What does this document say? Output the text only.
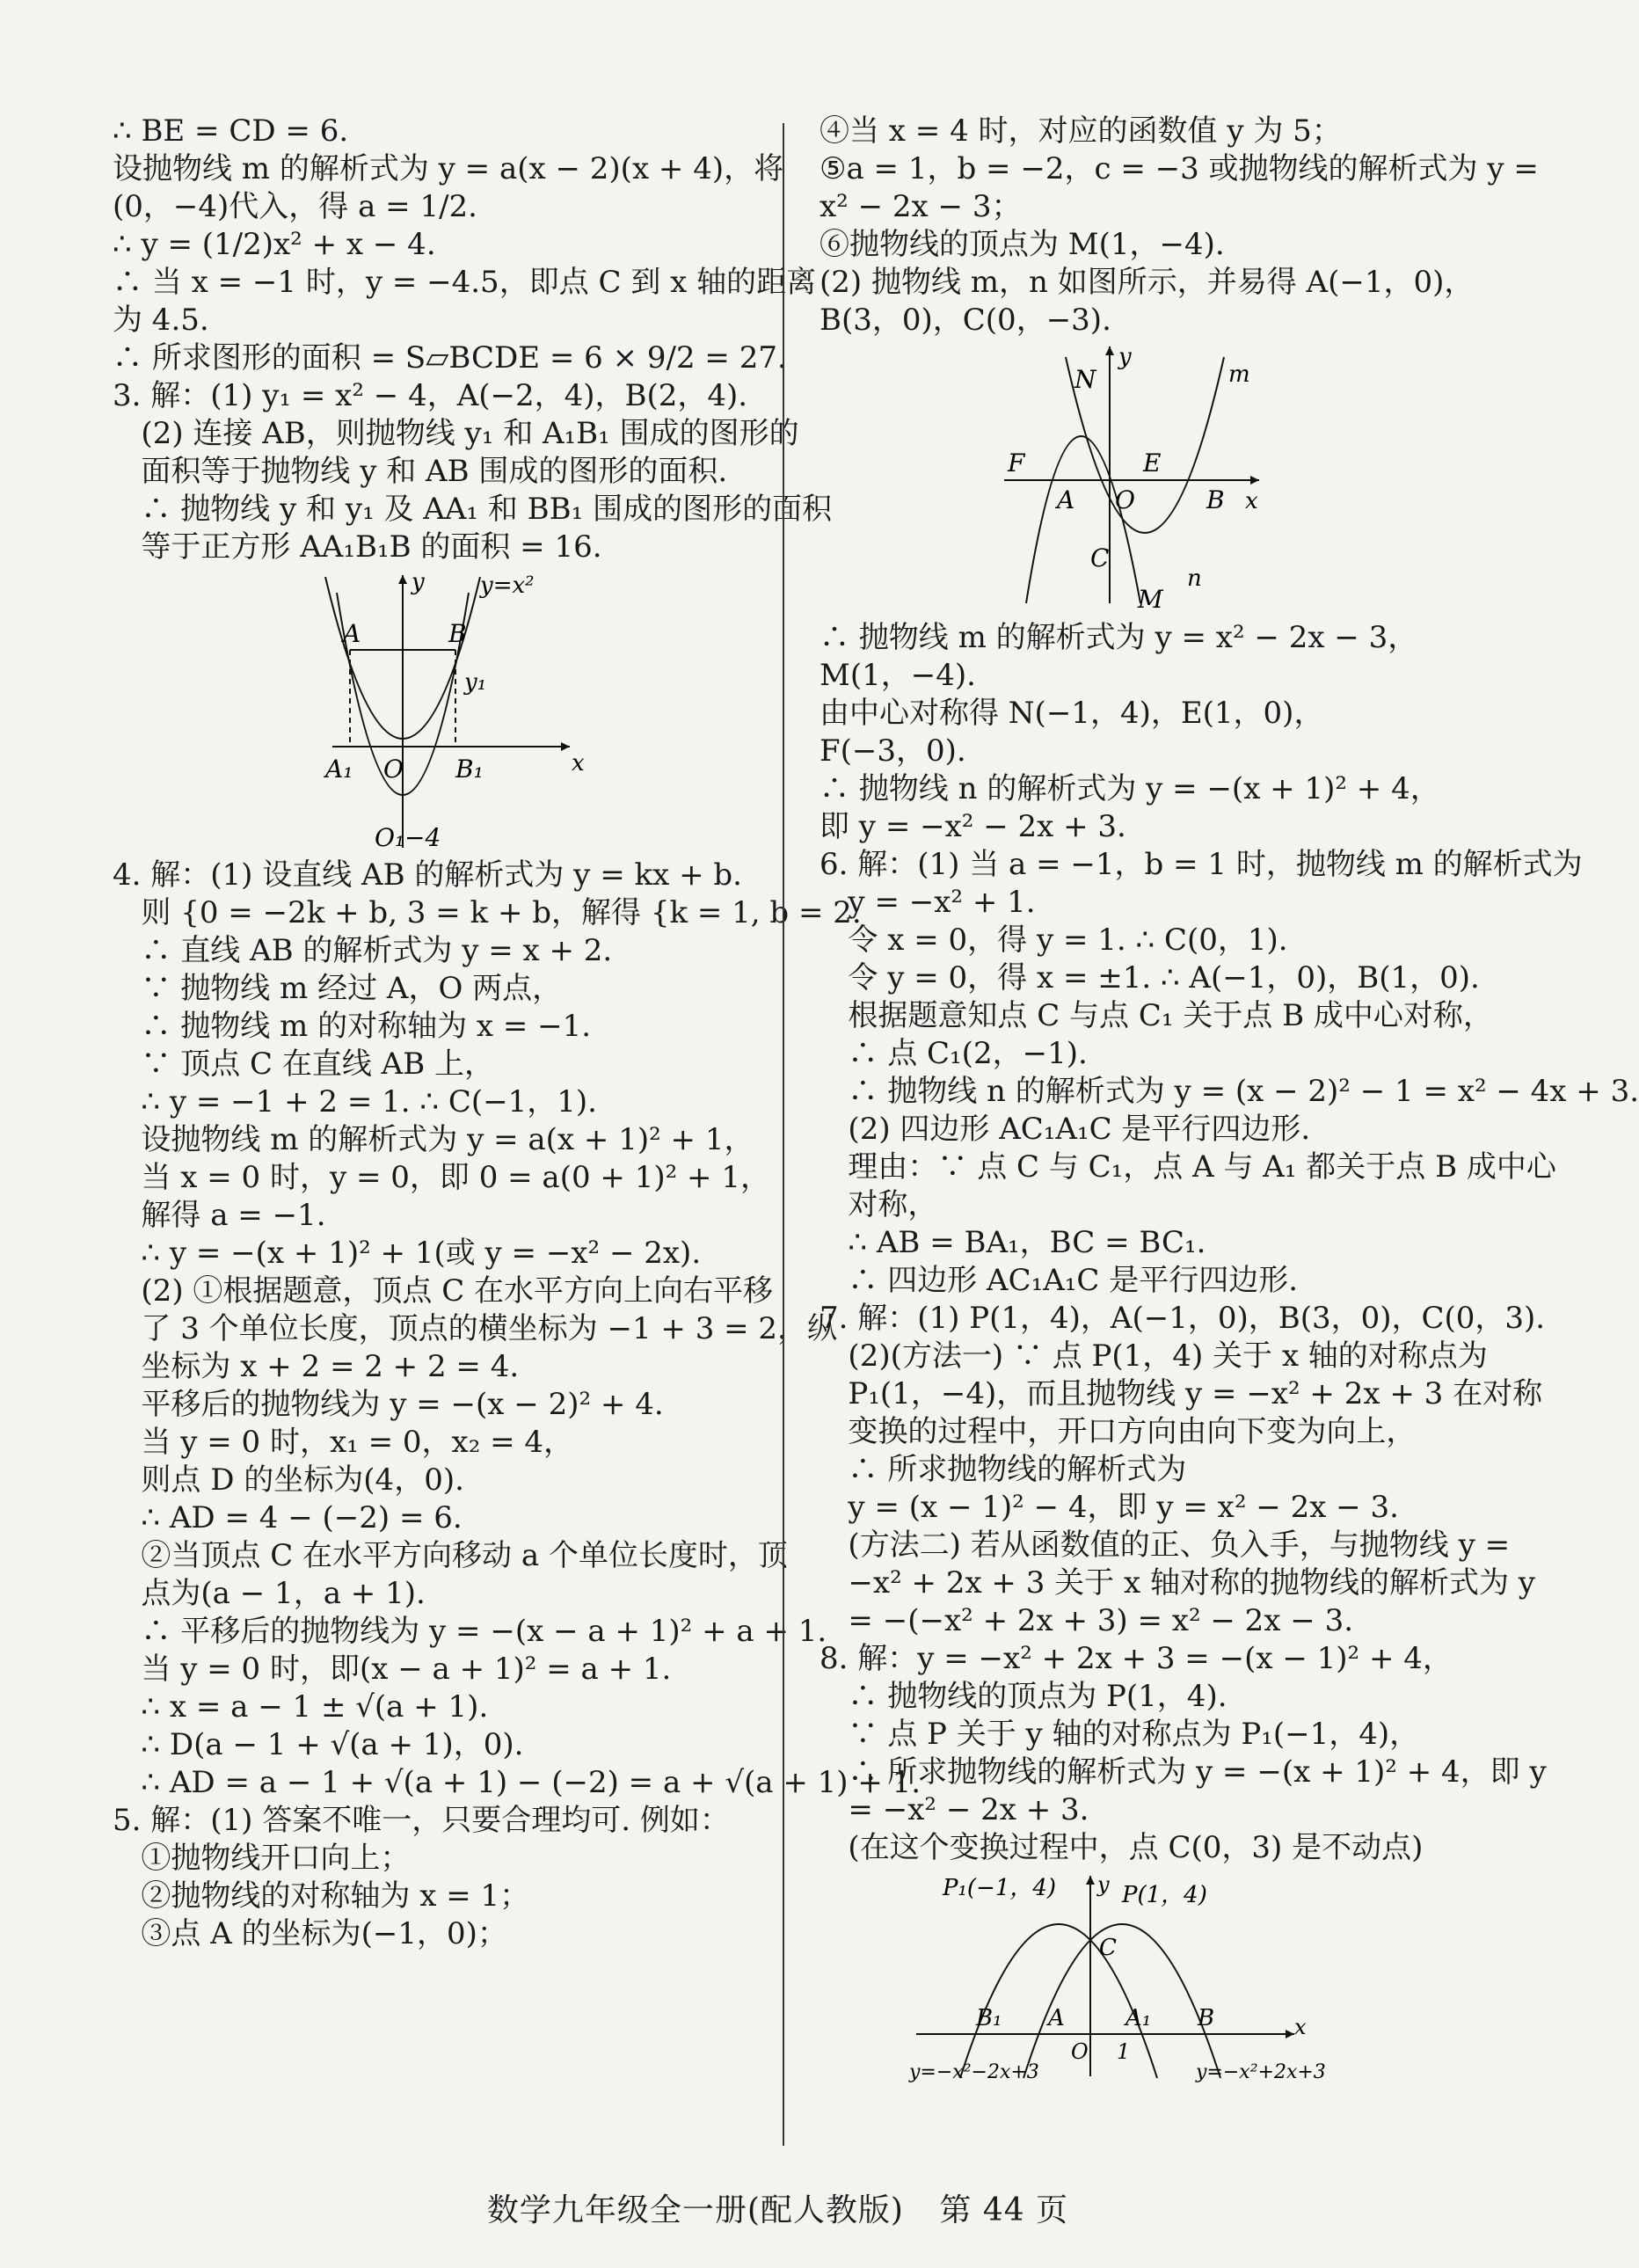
∴ BE = CD = 6.
设抛物线 m 的解析式为 y = a(x − 2)(x + 4)，将
(0，−4)代入，得 a = 1/2.
∴ y = (1/2)x² + x − 4.
∴ 当 x = −1 时，y = −4.5，即点 C 到 x 轴的距离
为 4.5.
∴ 所求图形的面积 = S▱BCDE = 6 × 9/2 = 27.
3. 解：(1) y₁ = x² − 4，A(−2，4)，B(2，4).
(2) 连接 AB，则抛物线 y₁ 和 A₁B₁ 围成的图形的
面积等于抛物线 y 和 AB 围成的图形的面积.
∴ 抛物线 y 和 y₁ 及 AA₁ 和 BB₁ 围成的图形的面积
等于正方形 AA₁B₁B 的面积 = 16.
y=x²
y
x
A	B
y₁
A₁ O B₁
O₁ −4
4. 解：(1) 设直线 AB 的解析式为 y = kx + b.
则 {0 = −2k + b, 3 = k + b，解得 {k = 1, b = 2.
∴ 直线 AB 的解析式为 y = x + 2.
∵ 抛物线 m 经过 A，O 两点，
∴ 抛物线 m 的对称轴为 x = −1.
∵ 顶点 C 在直线 AB 上，
∴ y = −1 + 2 = 1. ∴ C(−1，1).
设抛物线 m 的解析式为 y = a(x + 1)² + 1，
当 x = 0 时，y = 0，即 0 = a(0 + 1)² + 1，
解得 a = −1.
∴ y = −(x + 1)² + 1(或 y = −x² − 2x).
(2) ①根据题意，顶点 C 在水平方向上向右平移
了 3 个单位长度，顶点的横坐标为 −1 + 3 = 2，纵
坐标为 x + 2 = 2 + 2 = 4.
平移后的抛物线为 y = −(x − 2)² + 4.
当 y = 0 时，x₁ = 0，x₂ = 4，
则点 D 的坐标为(4，0).
∴ AD = 4 − (−2) = 6.
②当顶点 C 在水平方向移动 a 个单位长度时，顶
点为(a − 1，a + 1).
∴ 平移后的抛物线为 y = −(x − a + 1)² + a + 1.
当 y = 0 时，即(x − a + 1)² = a + 1.
∴ x = a − 1 ± √(a + 1).
∴ D(a − 1 + √(a + 1)，0).
∴ AD = a − 1 + √(a + 1) − (−2) = a + √(a + 1) + 1.
5. 解：(1) 答案不唯一，只要合理均可. 例如：
①抛物线开口向上；
②抛物线的对称轴为 x = 1；
③点 A 的坐标为(−1，0)；
④当 x = 4 时，对应的函数值 y 为 5；
⑤a = 1，b = −2，c = −3 或抛物线的解析式为 y =
x² − 2x − 3；
⑥抛物线的顶点为 M(1，−4).
(2) 抛物线 m，n 如图所示，并易得 A(−1，0)，
B(3，0)，C(0，−3).
N
y
m
F	E
A O	B x
C
n
M
∴ 抛物线 m 的解析式为 y = x² − 2x − 3，
M(1，−4).
由中心对称得 N(−1，4)，E(1，0)，
F(−3，0).
∴ 抛物线 n 的解析式为 y = −(x + 1)² + 4，
即 y = −x² − 2x + 3.
6. 解：(1) 当 a = −1，b = 1 时，抛物线 m 的解析式为
y = −x² + 1.
令 x = 0，得 y = 1. ∴ C(0，1).
令 y = 0，得 x = ±1. ∴ A(−1，0)，B(1，0).
根据题意知点 C 与点 C₁ 关于点 B 成中心对称，
∴ 点 C₁(2，−1).
∴ 抛物线 n 的解析式为 y = (x − 2)² − 1 = x² − 4x + 3.
(2) 四边形 AC₁A₁C 是平行四边形.
理由：∵ 点 C 与 C₁，点 A 与 A₁ 都关于点 B 成中心
对称，
∴ AB = BA₁，BC = BC₁.
∴ 四边形 AC₁A₁C 是平行四边形.
7. 解：(1) P(1，4)，A(−1，0)，B(3，0)，C(0，3).
(2)(方法一) ∵ 点 P(1，4) 关于 x 轴的对称点为
P₁(1，−4)，而且抛物线 y = −x² + 2x + 3 在对称
变换的过程中，开口方向由向下变为向上，
∴ 所求抛物线的解析式为
y = (x − 1)² − 4，即 y = x² − 2x − 3.
(方法二) 若从函数值的正、负入手，与抛物线 y =
−x² + 2x + 3 关于 x 轴对称的抛物线的解析式为 y
= −(−x² + 2x + 3) = x² − 2x − 3.
8. 解：y = −x² + 2x + 3 = −(x − 1)² + 4，
∴ 抛物线的顶点为 P(1，4).
∵ 点 P 关于 y 轴的对称点为 P₁(−1，4)，
∴ 所求抛物线的解析式为 y = −(x + 1)² + 4，即 y
= −x² − 2x + 3.
(在这个变换过程中，点 C(0，3) 是不动点)
P₁(−1，4) y P(1，4)
C
B₁ A	A₁ B	x
O 1
y=−x²−2x+3	y=−x²+2x+3
数学九年级全一册(配人教版) 第 44 页
